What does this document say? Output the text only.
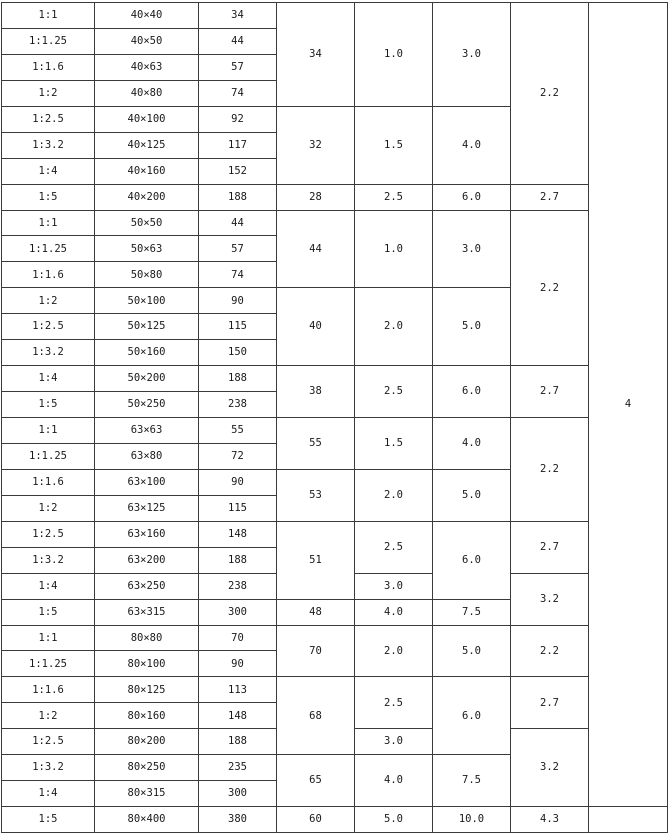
1:1	40×40	34	34	1.0	3.0	2.2	4
1:1.25	40×50	44					
1:1.6	40×63	57					
1:2	40×80	74					
1:2.5	40×100	92	32	1.5	4.0		
1:3.2	40×125	117					
1:4	40×160	152					
1:5	40×200	188	28	2.5	6.0	2.7	
1:1	50×50	44	44	1.0	3.0	2.2	
1:1.25	50×63	57					
1:1.6	50×80	74					
1:2	50×100	90	40	2.0	5.0		
1:2.5	50×125	115					
1:3.2	50×160	150					
1:4	50×200	188	38	2.5	6.0	2.7	
1:5	50×250	238					
1:1	63×63	55	55	1.5	4.0	2.2	
1:1.25	63×80	72					
1:1.6	63×100	90	53	2.0	5.0		
1:2	63×125	115					
1:2.5	63×160	148	51	2.5	6.0	2.7	
1:3.2	63×200	188					
1:4	63×250	238		3.0		3.2	
1:5	63×315	300	48	4.0	7.5		
1:1	80×80	70	70	2.0	5.0	2.2	
1:1.25	80×100	90					
1:1.6	80×125	113	68	2.5	6.0	2.7	
1:2	80×160	148					
1:2.5	80×200	188		3.0		3.2	
1:3.2	80×250	235	65	4.0	7.5		
1:4	80×315	300					
1:5	80×400	380	60	5.0	10.0	4.3	
